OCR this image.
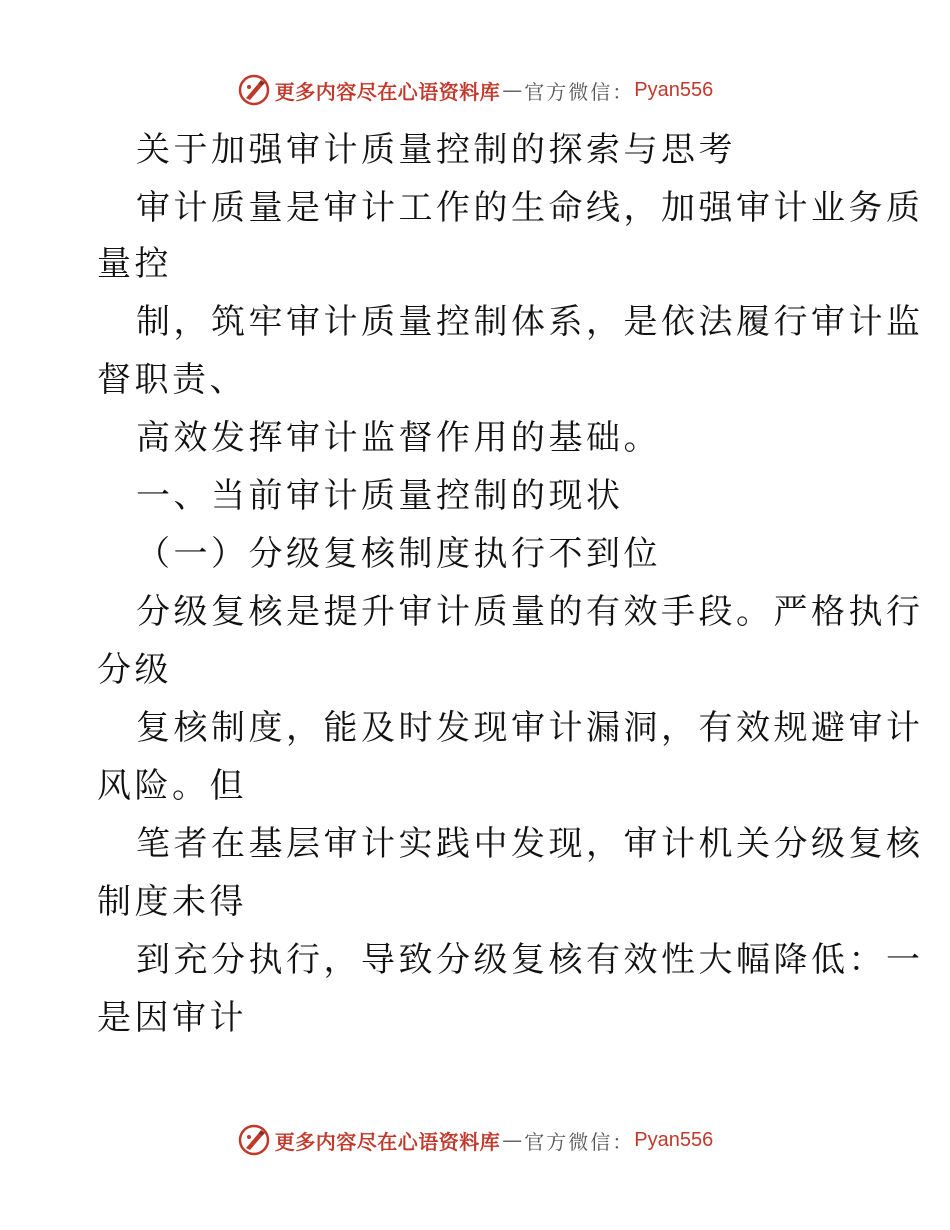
更多内容尽在心语资料库 — 官方微信： Pyan556
关于加强审计质量控制的探索与思考
审计质量是审计工作的生命线，加强审计业务质
量控
制，筑牢审计质量控制体系，是依法履行审计监
督职责、
高效发挥审计监督作用的基础。
一、当前审计质量控制的现状
（一）分级复核制度执行不到位
分级复核是提升审计质量的有效手段。严格执行
分级
复核制度，能及时发现审计漏洞，有效规避审计
风险。但
笔者在基层审计实践中发现，审计机关分级复核
制度未得
到充分执行，导致分级复核有效性大幅降低：一
是因审计
更多内容尽在心语资料库 — 官方微信： Pyan556
